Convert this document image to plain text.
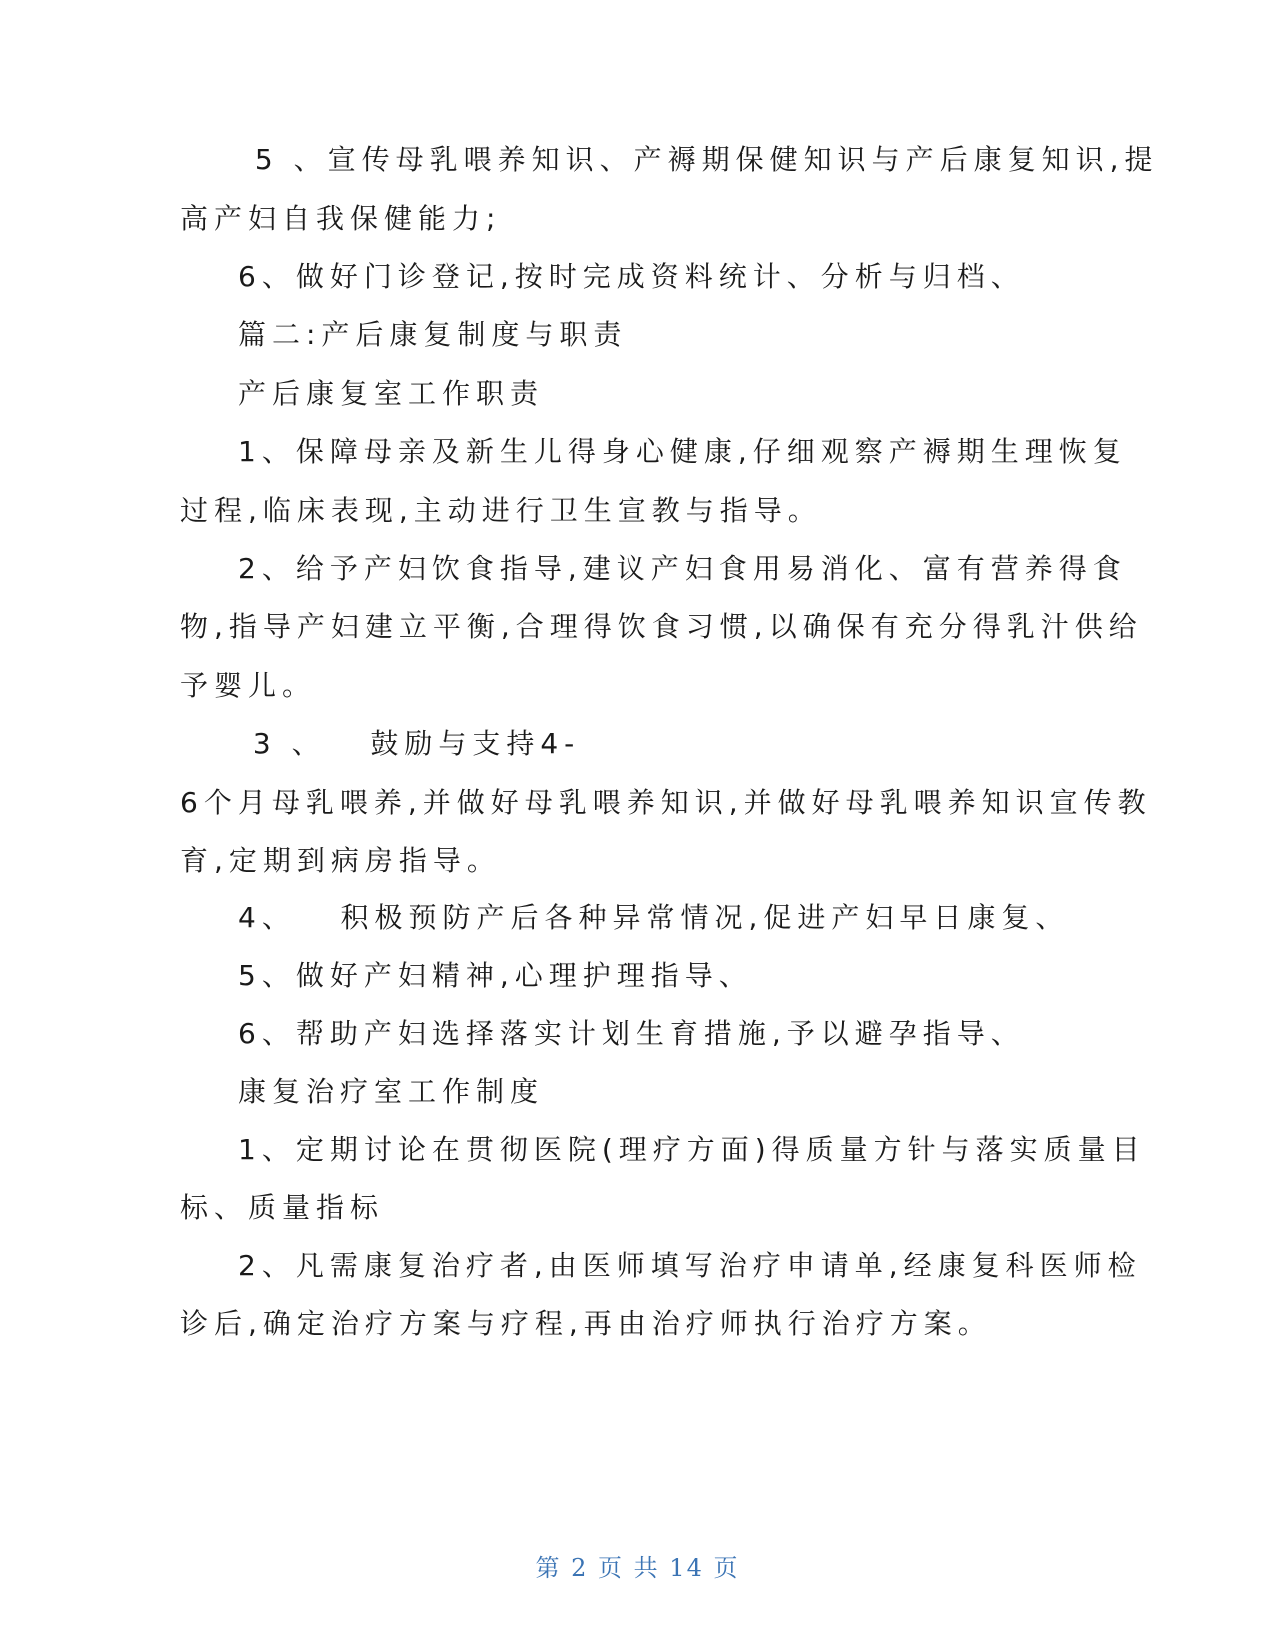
5 、宣传母乳喂养知识、产褥期保健知识与产后康复知识,提
高产妇自我保健能力;
6、做好门诊登记,按时完成资料统计、分析与归档、
篇二:产后康复制度与职责
产后康复室工作职责
1、保障母亲及新生儿得身心健康,仔细观察产褥期生理恢复
过程,临床表现,主动进行卫生宣教与指导。
2、给予产妇饮食指导,建议产妇食用易消化、富有营养得食
物,指导产妇建立平衡,合理得饮食习惯,以确保有充分得乳汁供给
予婴儿。
3 、   鼓励与支持4-
6个月母乳喂养,并做好母乳喂养知识,并做好母乳喂养知识宣传教
育,定期到病房指导。
4、   积极预防产后各种异常情况,促进产妇早日康复、
5、做好产妇精神,心理护理指导、
6、帮助产妇选择落实计划生育措施,予以避孕指导、
康复治疗室工作制度
1、定期讨论在贯彻医院(理疗方面)得质量方针与落实质量目
标、质量指标
2、凡需康复治疗者,由医师填写治疗申请单,经康复科医师检
诊后,确定治疗方案与疗程,再由治疗师执行治疗方案。
第 2 页 共 14 页
